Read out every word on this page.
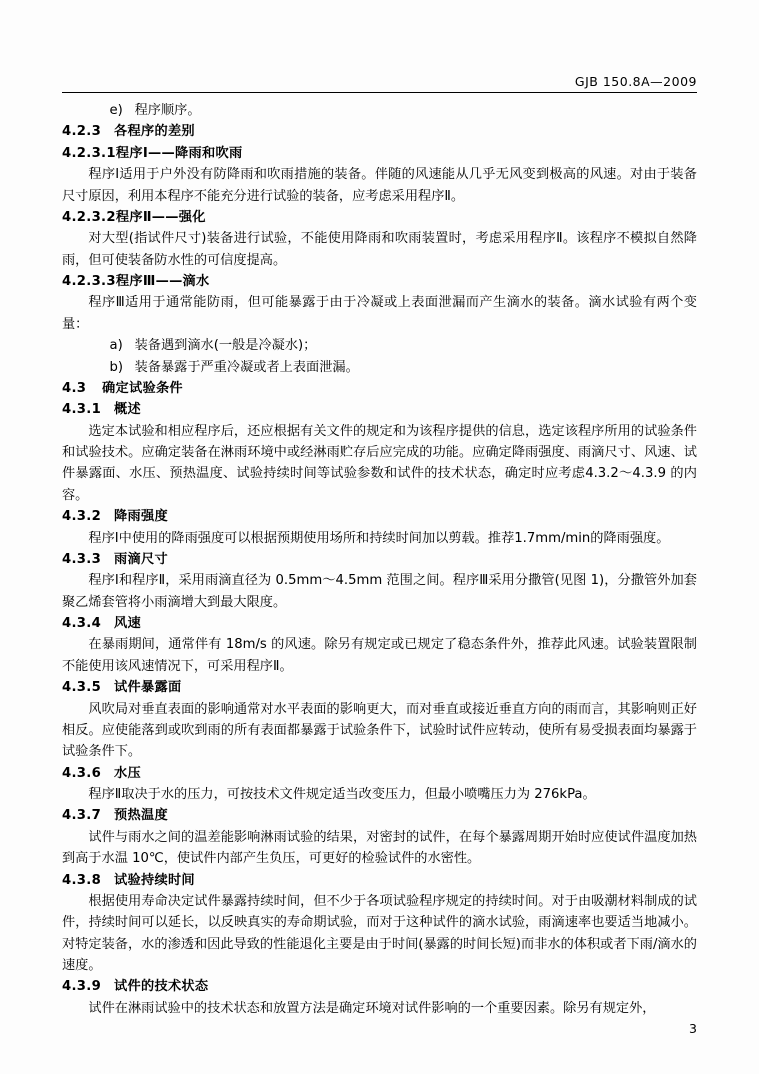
GJB 150.8A—2009

e) 程序顺序。

4.2.3 各程序的差别

4.2.3.1程序Ⅰ——降雨和吹雨

程序Ⅰ适用于户外没有防降雨和吹雨措施的装备。伴随的风速能从几乎无风变到极高的风速。对由于装备尺寸原因，利用本程序不能充分进行试验的装备，应考虑采用程序Ⅱ。

4.2.3.2程序Ⅱ——强化

对大型(指试件尺寸)装备进行试验，不能使用降雨和吹雨装置时，考虑采用程序Ⅱ。该程序不模拟自然降雨，但可使装备防水性的可信度提高。

4.2.3.3程序Ⅲ——滴水

程序Ⅲ适用于通常能防雨，但可能暴露于由于冷凝或上表面泄漏而产生滴水的装备。滴水试验有两个变量：

a) 装备遇到滴水(一般是冷凝水)；

b) 装备暴露于严重冷凝或者上表面泄漏。

4.3 确定试验条件

4.3.1 概述

选定本试验和相应程序后，还应根据有关文件的规定和为该程序提供的信息，选定该程序所用的试验条件和试验技术。应确定装备在淋雨环境中或经淋雨贮存后应完成的功能。应确定降雨强度、雨滴尺寸、风速、试件暴露面、水压、预热温度、试验持续时间等试验参数和试件的技术状态，确定时应考虑4.3.2～4.3.9 的内容。

4.3.2 降雨强度

程序Ⅰ中使用的降雨强度可以根据预期使用场所和持续时间加以剪载。推荐1.7mm/min的降雨强度。

4.3.3 雨滴尺寸

程序Ⅰ和程序Ⅱ，采用雨滴直径为 0.5mm～4.5mm 范围之间。程序Ⅲ采用分撒管(见图 1)，分撒管外加套聚乙烯套管将小雨滴增大到最大限度。

4.3.4 风速

在暴雨期间，通常伴有 18m/s 的风速。除另有规定或已规定了稳态条件外，推荐此风速。试验装置限制不能使用该风速情况下，可采用程序Ⅱ。

4.3.5 试件暴露面

风吹局对垂直表面的影响通常对水平表面的影响更大，而对垂直或接近垂直方向的雨而言，其影响则正好相反。应使能落到或吹到雨的所有表面都暴露于试验条件下，试验时试件应转动，使所有易受损表面均暴露于试验条件下。

4.3.6 水压

程序Ⅱ取决于水的压力，可按技术文件规定适当改变压力，但最小喷嘴压力为 276kPa。

4.3.7 预热温度

试件与雨水之间的温差能影响淋雨试验的结果，对密封的试件，在每个暴露周期开始时应使试件温度加热到高于水温 10℃，使试件内部产生负压，可更好的检验试件的水密性。

4.3.8 试验持续时间

根据使用寿命决定试件暴露持续时间，但不少于各项试验程序规定的持续时间。对于由吸潮材料制成的试件，持续时间可以延长，以反映真实的寿命期试验，而对于这种试件的滴水试验，雨滴速率也要适当地减小。对特定装备，水的渗透和因此导致的性能退化主要是由于时间(暴露的时间长短)而非水的体积或者下雨/滴水的速度。

4.3.9 试件的技术状态

试件在淋雨试验中的技术状态和放置方法是确定环境对试件影响的一个重要因素。除另有规定外，

3
